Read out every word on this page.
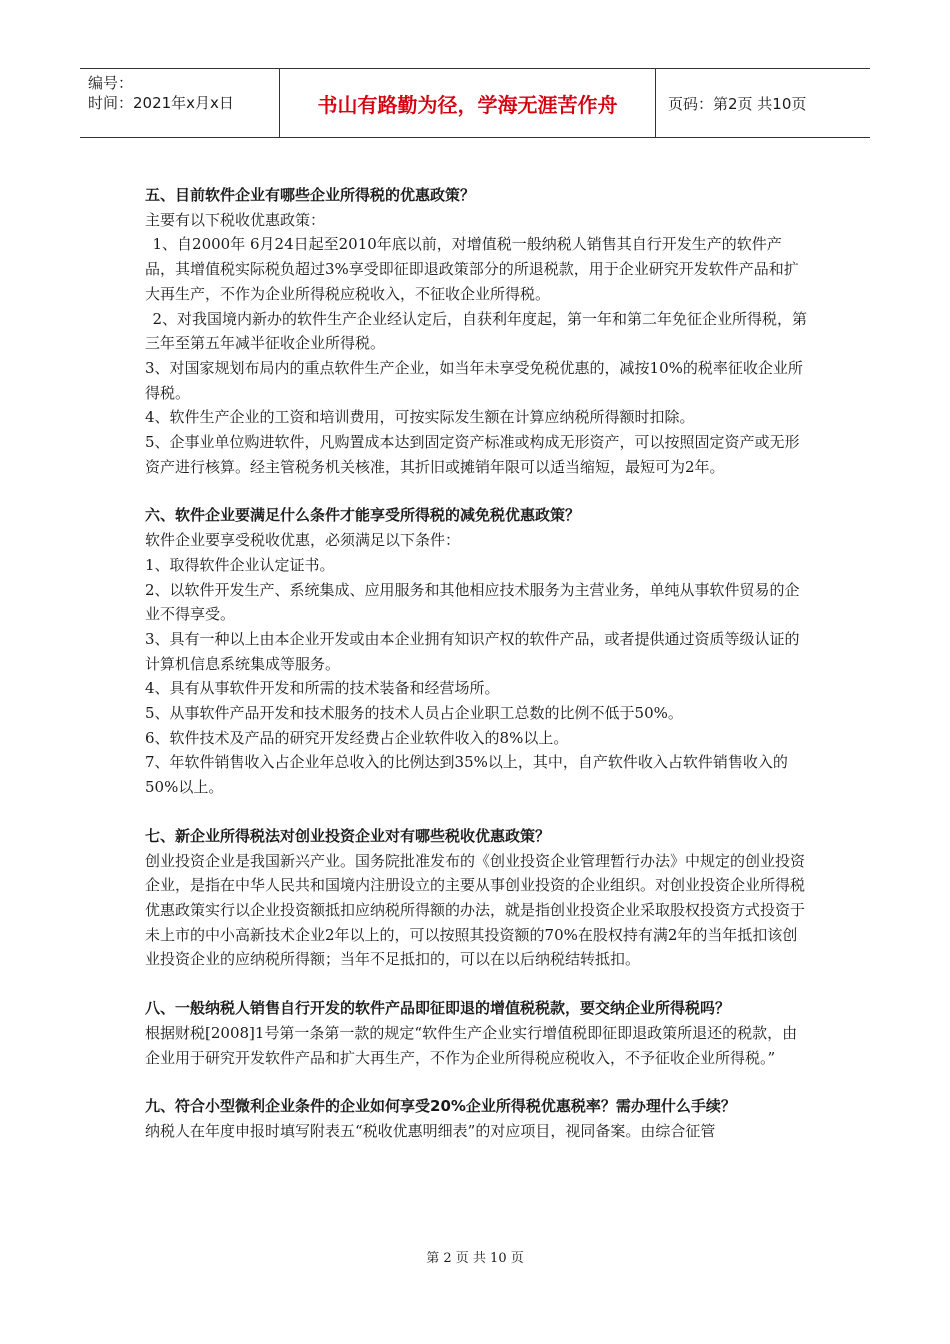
编号：
时间：2021年x月x日	书山有路勤为径，学海无涯苦作舟	页码：第2页 共10页

五、目前软件企业有哪些企业所得税的优惠政策？

主要有以下税收优惠政策：

1、自2000年 6月24日起至2010年底以前，对增值税一般纳税人销售其自行开发生产的软件产品，其增值税实际税负超过3%享受即征即退政策部分的所退税款，用于企业研究开发软件产品和扩大再生产，不作为企业所得税应税收入，不征收企业所得税。

2、对我国境内新办的软件生产企业经认定后，自获利年度起，第一年和第二年免征企业所得税，第三年至第五年减半征收企业所得税。

3、对国家规划布局内的重点软件生产企业，如当年未享受免税优惠的，减按10%的税率征收企业所得税。

4、软件生产企业的工资和培训费用，可按实际发生额在计算应纳税所得额时扣除。

5、企事业单位购进软件，凡购置成本达到固定资产标准或构成无形资产，可以按照固定资产或无形资产进行核算。经主管税务机关核准，其折旧或摊销年限可以适当缩短，最短可为2年。

六、软件企业要满足什么条件才能享受所得税的减免税优惠政策？

软件企业要享受税收优惠，必须满足以下条件：

1、取得软件企业认定证书。

2、以软件开发生产、系统集成、应用服务和其他相应技术服务为主营业务，单纯从事软件贸易的企业不得享受。

3、具有一种以上由本企业开发或由本企业拥有知识产权的软件产品，或者提供通过资质等级认证的计算机信息系统集成等服务。

4、具有从事软件开发和所需的技术装备和经营场所。

5、从事软件产品开发和技术服务的技术人员占企业职工总数的比例不低于50%。

6、软件技术及产品的研究开发经费占企业软件收入的8%以上。

7、年软件销售收入占企业年总收入的比例达到35%以上，其中，自产软件收入占软件销售收入的50%以上。

七、新企业所得税法对创业投资企业对有哪些税收优惠政策？

创业投资企业是我国新兴产业。国务院批准发布的《创业投资企业管理暂行办法》中规定的创业投资企业，是指在中华人民共和国境内注册设立的主要从事创业投资的企业组织。对创业投资企业所得税优惠政策实行以企业投资额抵扣应纳税所得额的办法，就是指创业投资企业采取股权投资方式投资于未上市的中小高新技术企业2年以上的，可以按照其投资额的70%在股权持有满2年的当年抵扣该创业投资企业的应纳税所得额；当年不足抵扣的，可以在以后纳税结转抵扣。

八、一般纳税人销售自行开发的软件产品即征即退的增值税税款，要交纳企业所得税吗？

根据财税[2008]1号第一条第一款的规定“软件生产企业实行增值税即征即退政策所退还的税款，由企业用于研究开发软件产品和扩大再生产，不作为企业所得税应税收入，不予征收企业所得税。”

九、符合小型微利企业条件的企业如何享受20%企业所得税优惠税率？需办理什么手续？

纳税人在年度申报时填写附表五“税收优惠明细表”的对应项目，视同备案。由综合征管

第 2 页 共 10 页
